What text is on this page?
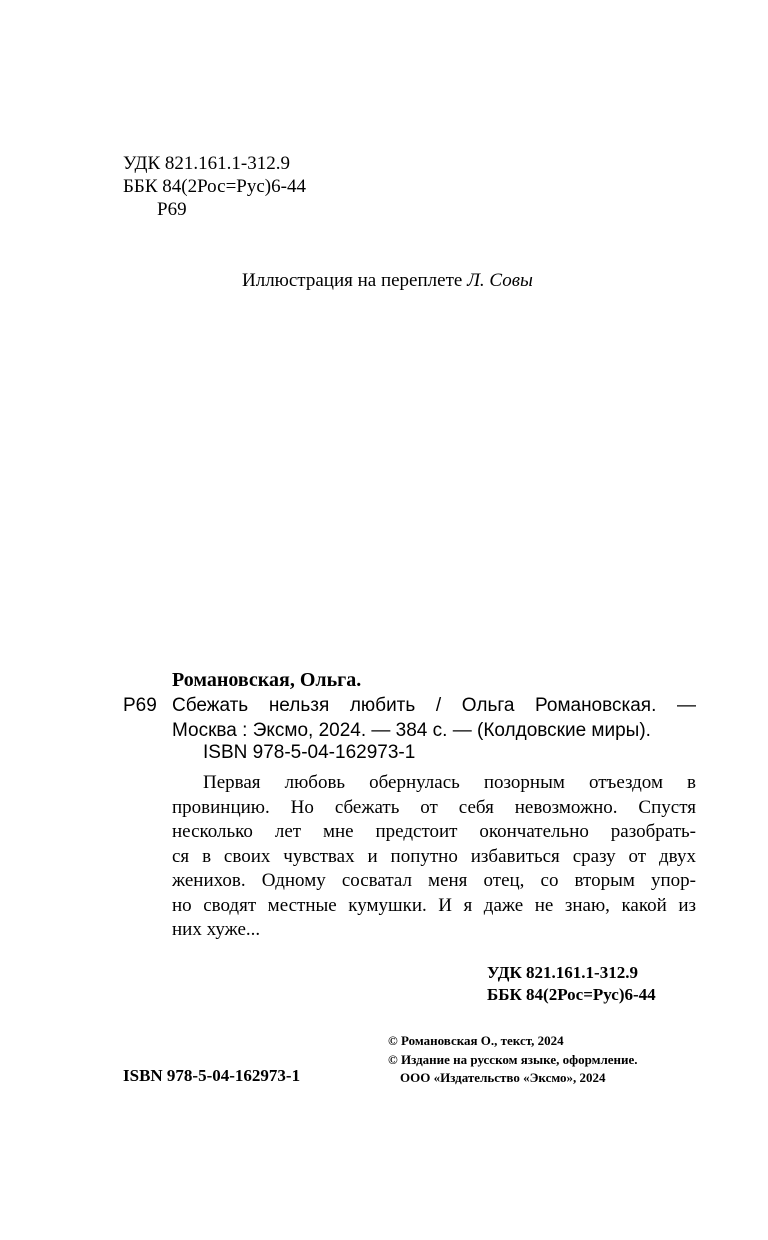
УДК 821.161.1-312.9
ББК 84(2Рос=Рус)6-44
Р69
Иллюстрация на переплете Л. Совы
Романовская, Ольга.
Р69 Сбежать нельзя любить / Ольга Романовская. —
Москва : Эксмо, 2024. — 384 с. — (Колдовские миры).
ISBN 978-5-04-162973-1
Первая любовь обернулась позорным отъездом в
провинцию. Но сбежать от себя невозможно. Спустя
несколько лет мне предстоит окончательно разобрать-
ся в своих чувствах и попутно избавиться сразу от двух
женихов. Одному сосватал меня отец, со вторым упор-
но сводят местные кумушки. И я даже не знаю, какой из
них хуже...
УДК 821.161.1-312.9
ББК 84(2Рос=Рус)6-44
© Романовская О., текст, 2024
© Издание на русском языке, оформление.
ООО «Издательство «Эксмо», 2024
ISBN 978-5-04-162973-1
